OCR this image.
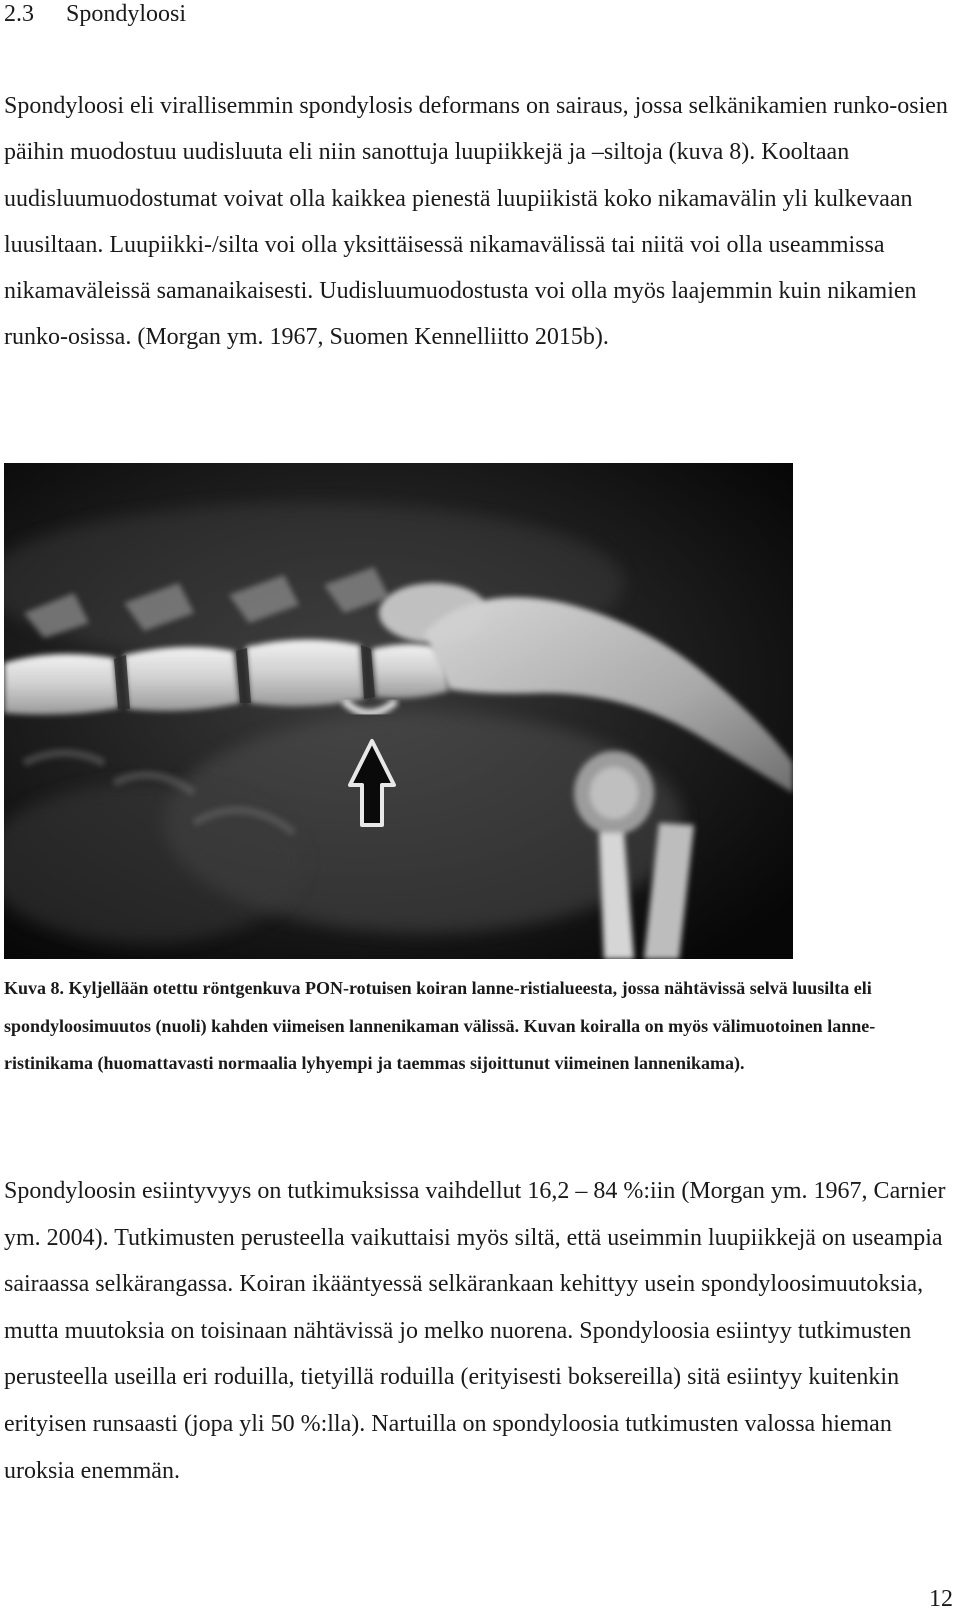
2.3 Spondyloosi

Spondyloosi eli virallisemmin spondylosis deformans on sairaus, jossa selkänikamien runko-osien päihin muodostuu uudisluuta eli niin sanottuja luupiikkejä ja –siltoja (kuva 8). Kooltaan uudisluumuodostumat voivat olla kaikkea pienestä luupiikistä koko nikamavälin yli kulkevaan luusiltaan. Luupiikki-/silta voi olla yksittäisessä nikamavälissä tai niitä voi olla useammissa nikamaväleissä samanaikaisesti. Uudisluumuodostusta voi olla myös laajemmin kuin nikamien runko-osissa. (Morgan ym. 1967, Suomen Kennelliitto 2015b).

Kuva 8. Kyljellään otettu röntgenkuva PON-rotuisen koiran lanne-ristialueesta, jossa nähtävissä selvä luusilta eli spondyloosimuutos (nuoli) kahden viimeisen lannenikaman välissä. Kuvan koiralla on myös välimuotoinen lanne-ristinikama (huomattavasti normaalia lyhyempi ja taemmas sijoittunut viimeinen lannenikama).

Spondyloosin esiintyvyys on tutkimuksissa vaihdellut 16,2 – 84 %:iin (Morgan ym. 1967, Carnier ym. 2004). Tutkimusten perusteella vaikuttaisi myös siltä, että useimmin luupiikkejä on useampia sairaassa selkärangassa. Koiran ikääntyessä selkärankaan kehittyy usein spondyloosimuutoksia, mutta muutoksia on toisinaan nähtävissä jo melko nuorena. Spondyloosia esiintyy tutkimusten perusteella useilla eri roduilla, tietyillä roduilla (erityisesti boksereilla) sitä esiintyy kuitenkin erityisen runsaasti (jopa yli 50 %:lla). Nartuilla on spondyloosia tutkimusten valossa hieman uroksia enemmän.

12
